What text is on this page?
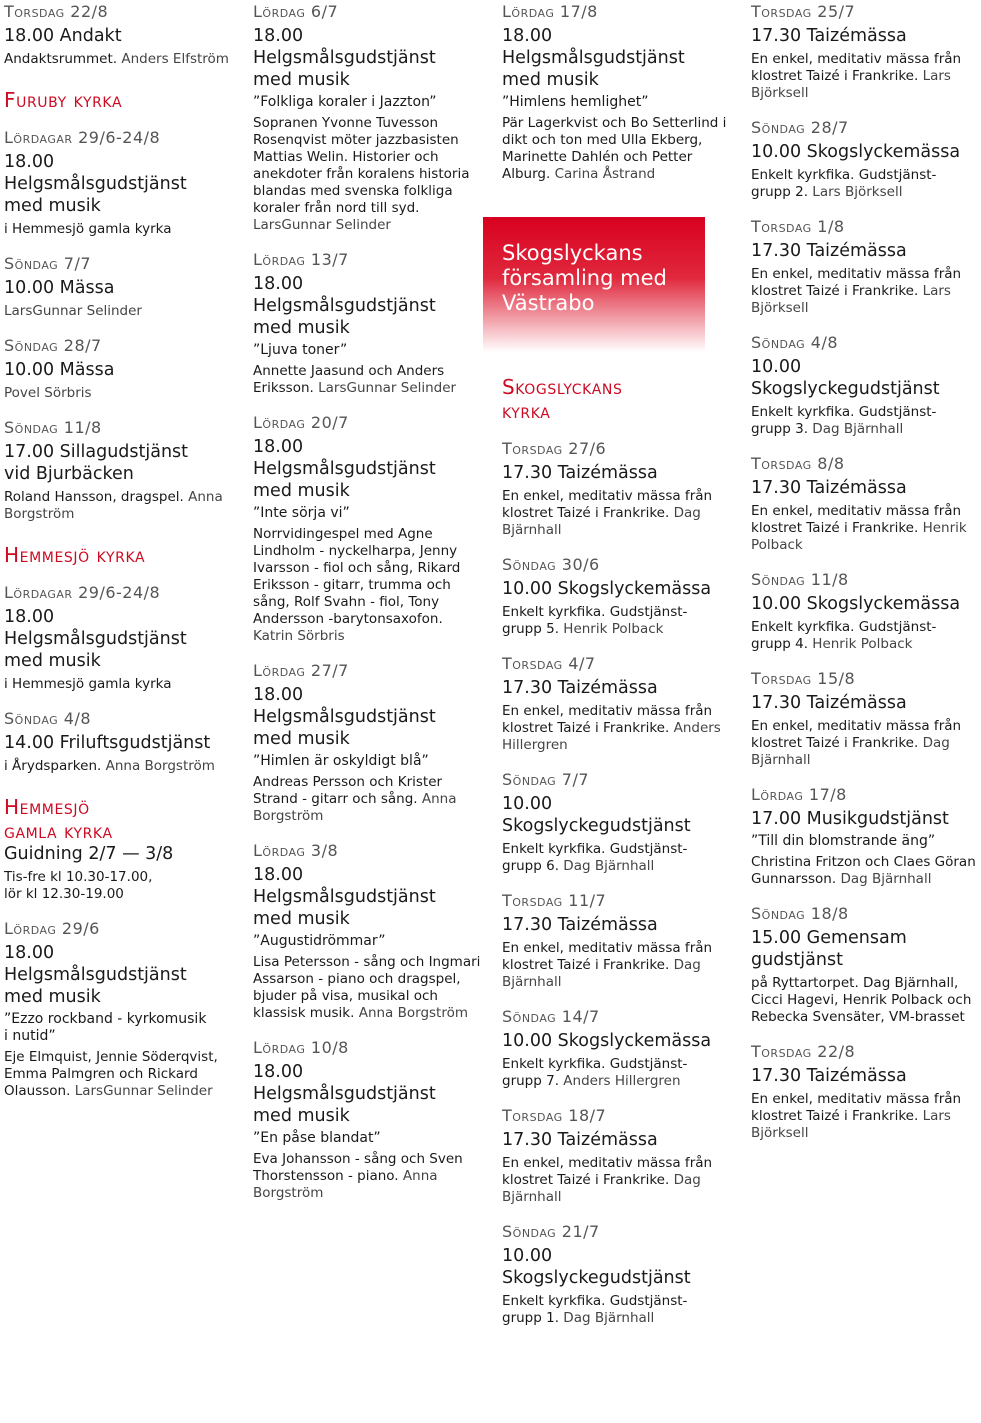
Torsdag 22/8
18.00 Andakt
Andaktsrummet. Anders Elfström
Furuby kyrka
Lördagar 29/6-24/8
18.00
Helgsmålsgudstjänst
med musik
i Hemmesjö gamla kyrka
Söndag 7/7
10.00 Mässa
LarsGunnar Selinder
Söndag 28/7
10.00 Mässa
Povel Sörbris
Söndag 11/8
17.00 Sillagudstjänst
vid Bjurbäcken
Roland Hansson, dragspel. Anna Borgström
Hemmesjö kyrka
Lördagar 29/6-24/8
18.00
Helgsmålsgudstjänst
med musik
i Hemmesjö gamla kyrka
Söndag 4/8
14.00 Friluftsgudstjänst
i Årydsparken. Anna Borgström
Hemmesjö
gamla kyrka
Guidning 2/7 — 3/8
Tis-fre kl 10.30-17.00,
lör kl 12.30-19.00
Lördag 29/6
18.00
Helgsmålsgudstjänst
med musik
”Ezzo rockband - kyrkomusik
i nutid”
Eje Elmquist, Jennie Söderqvist, Emma Palmgren och Rickard Olausson. LarsGunnar Selinder
Lördag 6/7
18.00
Helgsmålsgudstjänst
med musik
”Folkliga koraler i Jazzton”
Sopranen Yvonne Tuvesson Rosenqvist möter jazzbasisten Mattias Welin. Historier och anekdoter från koralens historia blandas med svenska folkliga koraler från nord till syd. LarsGunnar Selinder
Lördag 13/7
18.00
Helgsmålsgudstjänst
med musik
”Ljuva toner”
Annette Jaasund och Anders Eriksson. LarsGunnar Selinder
Lördag 20/7
18.00
Helgsmålsgudstjänst
med musik
”Inte sörja vi”
Norrvidingespel med Agne Lindholm - nyckelharpa, Jenny Ivarsson - fiol och sång, Rikard Eriksson - gitarr, trumma och sång, Rolf Svahn - fiol, Tony Andersson -barytonsaxofon. Katrin Sörbris
Lördag 27/7
18.00
Helgsmålsgudstjänst
med musik
”Himlen är oskyldigt blå”
Andreas Persson och Krister Strand - gitarr och sång. Anna Borgström
Lördag 3/8
18.00
Helgsmålsgudstjänst
med musik
”Augustidrömmar”
Lisa Petersson - sång och Ingmari Assarson - piano och dragspel, bjuder på visa, musikal och klassisk musik. Anna Borgström
Lördag 10/8
18.00
Helgsmålsgudstjänst
med musik
”En påse blandat”
Eva Johansson - sång och Sven Thorstensson - piano. Anna Borgström
Lördag 17/8
18.00
Helgsmålsgudstjänst
med musik
”Himlens hemlighet”
Pär Lagerkvist och Bo Setterlind i dikt och ton med Ulla Ekberg, Marinette Dahlén och Petter Alburg. Carina Åstrand
Skogslyckans
kyrka
Torsdag 27/6
17.30 Taizémässa
En enkel, meditativ mässa från klostret Taizé i Frankrike. Dag Bjärnhall
Söndag 30/6
10.00 Skogslyckemässa
Enkelt kyrkfika. Gudstjänst-
grupp 5. Henrik Polback
Torsdag 4/7
17.30 Taizémässa
En enkel, meditativ mässa från klostret Taizé i Frankrike. Anders Hillergren
Söndag 7/7
10.00
Skogslyckegudstjänst
Enkelt kyrkfika. Gudstjänst-
grupp 6. Dag Bjärnhall
Torsdag 11/7
17.30 Taizémässa
En enkel, meditativ mässa från klostret Taizé i Frankrike. Dag Bjärnhall
Söndag 14/7
10.00 Skogslyckemässa
Enkelt kyrkfika. Gudstjänst-
grupp 7. Anders Hillergren
Torsdag 18/7
17.30 Taizémässa
En enkel, meditativ mässa från klostret Taizé i Frankrike. Dag Bjärnhall
Söndag 21/7
10.00
Skogslyckegudstjänst
Enkelt kyrkfika. Gudstjänst-
grupp 1. Dag Bjärnhall
Torsdag 25/7
17.30 Taizémässa
En enkel, meditativ mässa från klostret Taizé i Frankrike. Lars Björksell
Söndag 28/7
10.00 Skogslyckemässa
Enkelt kyrkfika. Gudstjänst-
grupp 2. Lars Björksell
Torsdag 1/8
17.30 Taizémässa
En enkel, meditativ mässa från klostret Taizé i Frankrike. Lars Björksell
Söndag 4/8
10.00
Skogslyckegudstjänst
Enkelt kyrkfika. Gudstjänst-
grupp 3. Dag Bjärnhall
Torsdag 8/8
17.30 Taizémässa
En enkel, meditativ mässa från klostret Taizé i Frankrike. Henrik Polback
Söndag 11/8
10.00 Skogslyckemässa
Enkelt kyrkfika. Gudstjänst-
grupp 4. Henrik Polback
Torsdag 15/8
17.30 Taizémässa
En enkel, meditativ mässa från klostret Taizé i Frankrike. Dag Bjärnhall
Lördag 17/8
17.00 Musikgudstjänst
”Till din blomstrande äng”
Christina Fritzon och Claes Göran Gunnarsson. Dag Bjärnhall
Söndag 18/8
15.00 Gemensam
gudstjänst
på Ryttartorpet. Dag Bjärnhall, Cicci Hagevi, Henrik Polback och Rebecka Svensäter, VM-brasset
Torsdag 22/8
17.30 Taizémässa
En enkel, meditativ mässa från klostret Taizé i Frankrike. Lars Björksell
Skogslyckans församling med Västrabo
